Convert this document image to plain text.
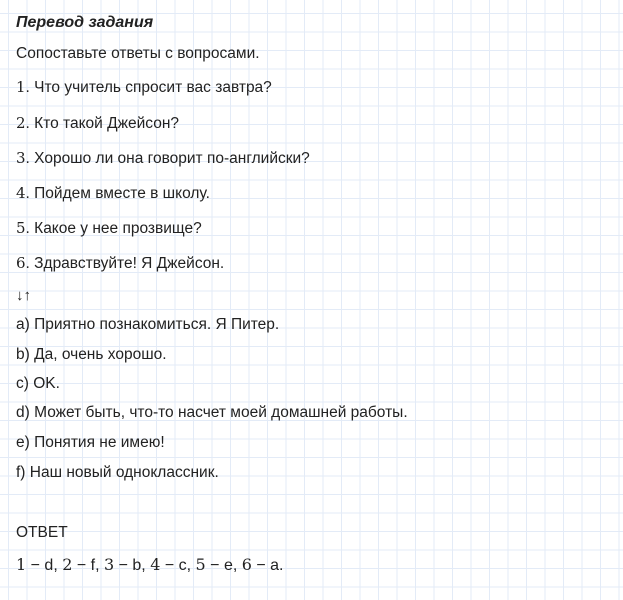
Перевод задания
Сопоставьте ответы с вопросами.
1. Что учитель спросит вас завтра?
2. Кто такой Джейсон?
3. Хорошо ли она говорит по‑английски?
4. Пойдем вместе в школу.
5. Какое у нее прозвище?
6. Здравствуйте! Я Джейсон.
↓↑
a) Приятно познакомиться. Я Питер.
b) Да, очень хорошо.
c) OK.
d) Может быть, что‑то насчет моей домашней работы.
e) Понятия не имею!
f) Наш новый одноклассник.
ОТВЕТ
1 − d, 2 − f, 3 − b, 4 − c, 5 − e, 6 − a.
